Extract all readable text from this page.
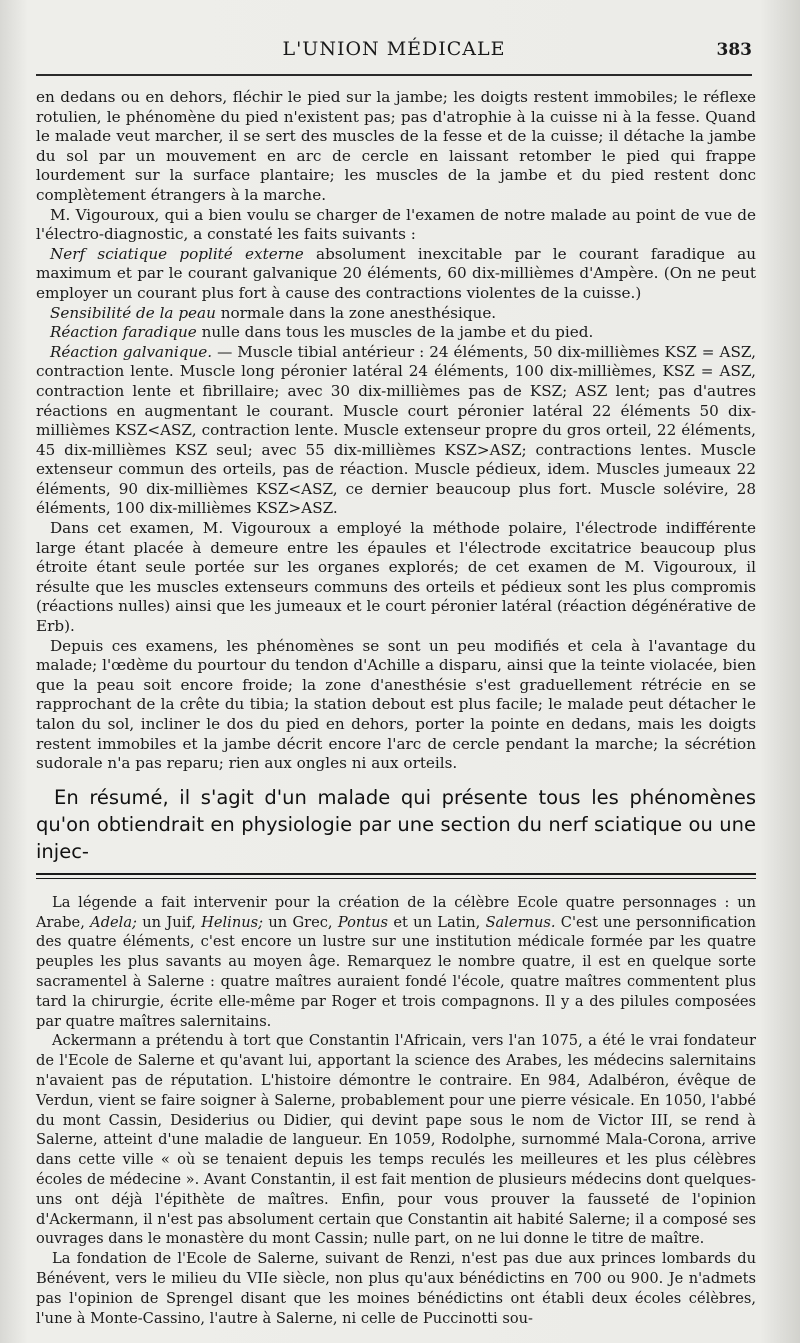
L'UNION MÉDICALE	383

en dedans ou en dehors, fléchir le pied sur la jambe; les doigts restent immobiles; le réflexe rotulien, le phénomène du pied n'existent pas; pas d'atrophie à la cuisse ni à la fesse. Quand le malade veut marcher, il se sert des muscles de la fesse et de la cuisse; il détache la jambe du sol par un mouvement en arc de cercle en laissant retomber le pied qui frappe lourdement sur la surface plantaire; les muscles de la jambe et du pied restent donc complètement étrangers à la marche.

M. Vigouroux, qui a bien voulu se charger de l'examen de notre malade au point de vue de l'électro-diagnostic, a constaté les faits suivants :

Nerf sciatique poplité externe absolument inexcitable par le courant faradique au maximum et par le courant galvanique 20 éléments, 60 dix-millièmes d'Ampère. (On ne peut employer un courant plus fort à cause des contractions violentes de la cuisse.)

Sensibilité de la peau normale dans la zone anesthésique.

Réaction faradique nulle dans tous les muscles de la jambe et du pied.

Réaction galvanique. — Muscle tibial antérieur : 24 éléments, 50 dix-millièmes KSZ = ASZ, contraction lente. Muscle long péronier latéral 24 éléments, 100 dix-millièmes, KSZ = ASZ, contraction lente et fibrillaire; avec 30 dix-millièmes pas de KSZ; ASZ lent; pas d'autres réactions en augmentant le courant. Muscle court péronier latéral 22 éléments 50 dix-millièmes KSZ<ASZ, contraction lente. Muscle extenseur propre du gros orteil, 22 éléments, 45 dix-millièmes KSZ seul; avec 55 dix-millièmes KSZ>ASZ; contractions lentes. Muscle extenseur commun des orteils, pas de réaction. Muscle pédieux, idem. Muscles jumeaux 22 éléments, 90 dix-millièmes KSZ<ASZ, ce dernier beaucoup plus fort. Muscle solévire, 28 éléments, 100 dix-millièmes KSZ>ASZ.

Dans cet examen, M. Vigouroux a employé la méthode polaire, l'électrode indifférente large étant placée à demeure entre les épaules et l'électrode excitatrice beaucoup plus étroite étant seule portée sur les organes explorés; de cet examen de M. Vigouroux, il résulte que les muscles extenseurs communs des orteils et pédieux sont les plus compromis (réactions nulles) ainsi que les jumeaux et le court péronier latéral (réaction dégénérative de Erb).

Depuis ces examens, les phénomènes se sont un peu modifiés et cela à l'avantage du malade; l'œdème du pourtour du tendon d'Achille a disparu, ainsi que la teinte violacée, bien que la peau soit encore froide; la zone d'anesthésie s'est graduellement rétrécie en se rapprochant de la crête du tibia; la station debout est plus facile; le malade peut détacher le talon du sol, incliner le dos du pied en dehors, porter la pointe en dedans, mais les doigts restent immobiles et la jambe décrit encore l'arc de cercle pendant la marche; la sécrétion sudorale n'a pas reparu; rien aux ongles ni aux orteils.

En résumé, il s'agit d'un malade qui présente tous les phénomènes qu'on obtiendrait en physiologie par une section du nerf sciatique ou une injec-

La légende a fait intervenir pour la création de la célèbre Ecole quatre personnages : un Arabe, Adela; un Juif, Helinus; un Grec, Pontus et un Latin, Salernus. C'est une personnification des quatre éléments, c'est encore un lustre sur une institution médicale formée par les quatre peuples les plus savants au moyen âge. Remarquez le nombre quatre, il est en quelque sorte sacramentel à Salerne : quatre maîtres auraient fondé l'école, quatre maîtres commentent plus tard la chirurgie, écrite elle-même par Roger et trois compagnons. Il y a des pilules composées par quatre maîtres salernitains.

Ackermann a prétendu à tort que Constantin l'Africain, vers l'an 1075, a été le vrai fondateur de l'Ecole de Salerne et qu'avant lui, apportant la science des Arabes, les médecins salernitains n'avaient pas de réputation. L'histoire démontre le contraire. En 984, Adalbéron, évêque de Verdun, vient se faire soigner à Salerne, probablement pour une pierre vésicale. En 1050, l'abbé du mont Cassin, Desiderius ou Didier, qui devint pape sous le nom de Victor III, se rend à Salerne, atteint d'une maladie de langueur. En 1059, Rodolphe, surnommé Mala-Corona, arrive dans cette ville « où se tenaient depuis les temps reculés les meilleures et les plus célèbres écoles de médecine ». Avant Constantin, il est fait mention de plusieurs médecins dont quelques-uns ont déjà l'épithète de maîtres. Enfin, pour vous prouver la fausseté de l'opinion d'Ackermann, il n'est pas absolument certain que Constantin ait habité Salerne; il a composé ses ouvrages dans le monastère du mont Cassin; nulle part, on ne lui donne le titre de maître.

La fondation de l'Ecole de Salerne, suivant de Renzi, n'est pas due aux princes lombards du Bénévent, vers le milieu du VIIe siècle, non plus qu'aux bénédictins en 700 ou 900. Je n'admets pas l'opinion de Sprengel disant que les moines bénédictins ont établi deux écoles célèbres, l'une à Monte-Cassino, l'autre à Salerne, ni celle de Puccinotti sou-
